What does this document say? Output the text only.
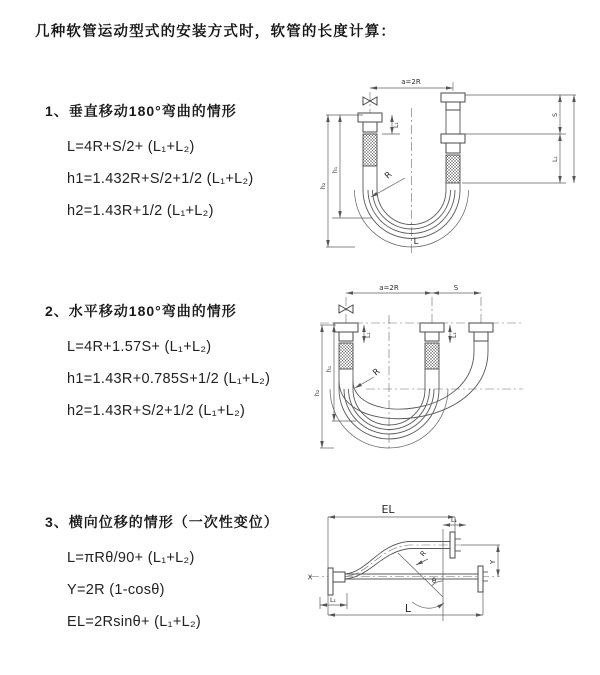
几种软管运动型式的安装方式时，软管的长度计算：
1、垂直移动180°弯曲的情形
L=4R+S/2+ (L₁+L₂)
h1=1.432R+S/2+1/2 (L₁+L₂)
h2=1.43R+1/2 (L₁+L₂)
2、水平移动180°弯曲的情形
L=4R+1.57S+ (L₁+L₂)
h1=1.43R+0.785S+1/2 (L₁+L₂)
h2=1.43R+S/2+1/2 (L₁+L₂)
3、横向位移的情形（一次性变位）
L=πRθ/90+ (L₁+L₂)
Y=2R (1-cosθ)
EL=2Rsinθ+ (L₁+L₂)
a=2R
L
h₂
h₁
L₁
S
L₁
R
a=2R	S
h₂
h₁
L₁	L₁
R
EL
L₁
X	θ
R
Y
L₁
L
